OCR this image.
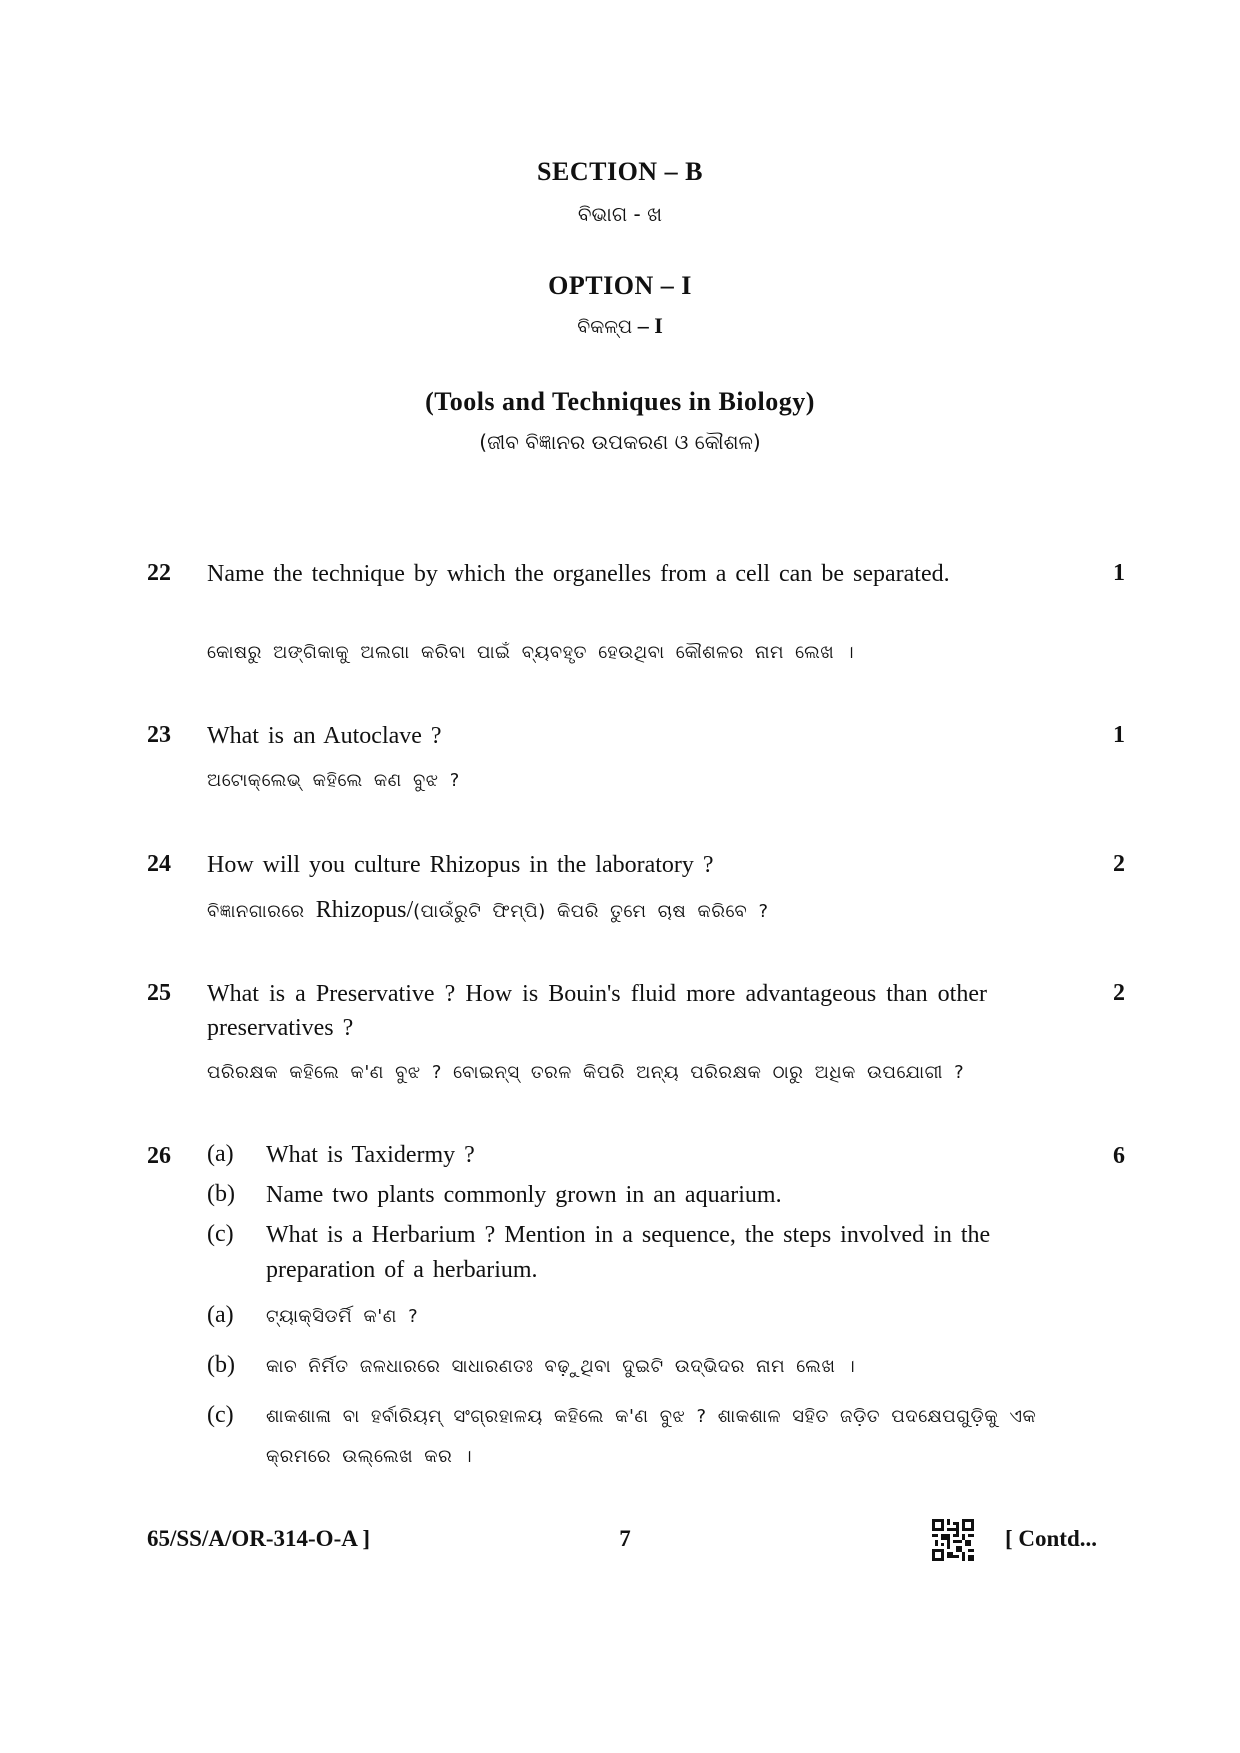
SECTION – B
ବିଭାଗ - ଖ
OPTION – I
ବିକଳ୍ପ – I
(Tools and Techniques in Biology)
(ଜୀବ ବିଜ୍ଞାନର ଉପକରଣ ଓ କୌଶଳ)
22 Name the technique by which the organelles from a cell can be separated.	1
କୋଷରୁ ଅଙ୍ଗିକାକୁ ଅଲଗା କରିବା ପାଇଁ ବ୍ୟବହୃତ ହେଉଥିବା କୌଶଳର ନାମ ଲେଖ ।
23 What is an Autoclave ?	1
ଅଟୋକ୍ଲେଭ୍ କହିଲେ କଣ ବୁଝ ?
24 How will you culture Rhizopus in the laboratory ?	2
ବିଜ୍ଞାନଗାରରେ Rhizopus/(ପାଉଁରୁଟି ଫିମ୍ପି) କିପରି ତୁମେ ଚାଷ କରିବେ ?
25 What is a Preservative ? How is Bouin's fluid more advantageous than other preservatives ?
2
ପରିରକ୍ଷକ କହିଲେ କ'ଣ ବୁଝ ? ବୋଇନ୍‌ସ୍ ତରଳ କିପରି ଅନ୍ୟ ପରିରକ୍ଷକ ଠାରୁ ଅଧିକ ଉପଯୋଗୀ ?
26	6
(a) What is Taxidermy ?
(b) Name two plants commonly grown in an aquarium.
(c) What is a Herbarium ? Mention in a sequence, the steps involved in the preparation of a herbarium.
(a) ଟ୍ୟାକ୍ସିଡର୍ମି କ'ଣ ?
(b) କାଚ ନିର୍ମିତ ଜଳଧାରରେ ସାଧାରଣତଃ ବଢ଼ୁଥିବା ଦୁଇଟି ଉଦ୍ଭିଦର ନାମ ଲେଖ ।
(c) ଶାକଶାଳା ବା ହର୍ବାରିୟମ୍ ସଂଗ୍ରହାଳୟ କହିଲେ କ'ଣ ବୁଝ ? ଶାକଶାଳ ସହିତ ଜଡ଼ିତ ପଦକ୍ଷେପଗୁଡ଼ିକୁ ଏକ କ୍ରମରେ ଉଲ୍ଲେଖ କର ।
65/SS/A/OR-314-O-A ]	7	[ Contd...
